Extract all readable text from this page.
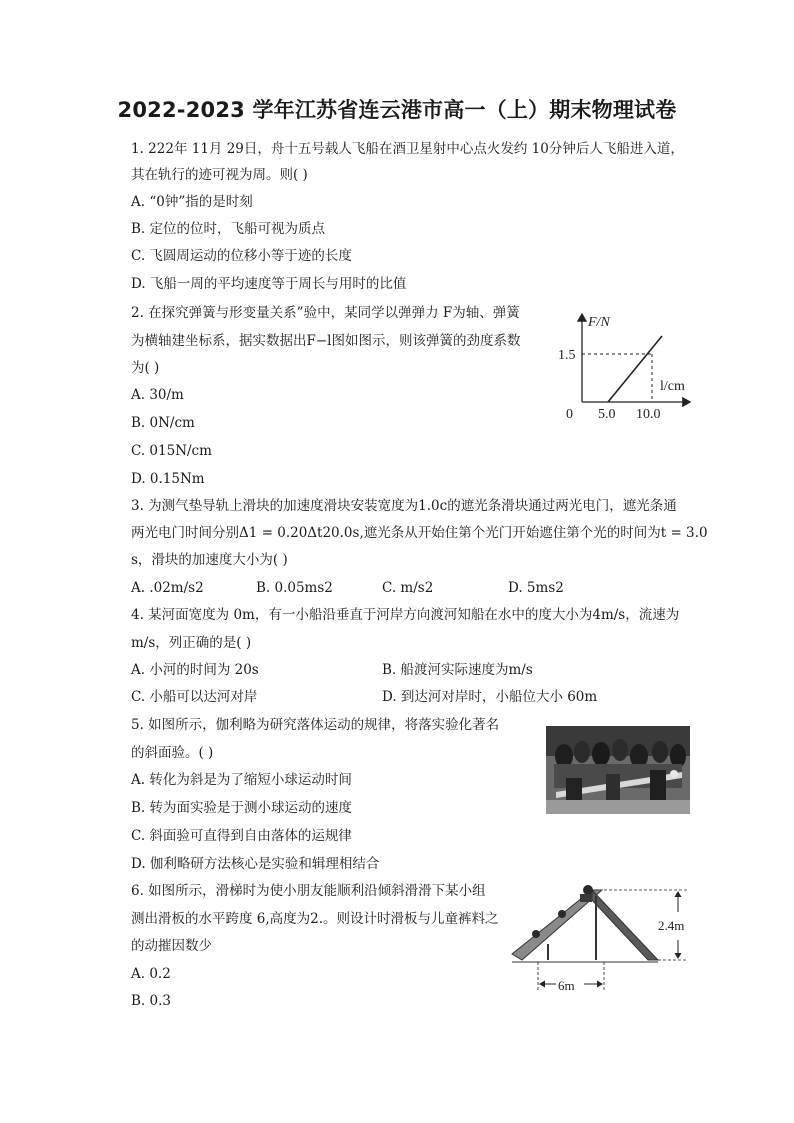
2022-2023 学年江苏省连云港市高一（上）期末物理试卷
1. 222年 11月 29日，舟十五号载人飞船在酒卫星射中心点火发约 10分钟后人飞船进入道，
其在轨行的迹可视为周。则( )
A. “0钟”指的是时刻
B. 定位的位时，飞船可视为质点
C. 飞圆周运动的位移小等于迹的长度
D. 飞船一周的平均速度等于周长与用时的比值
2. 在探究弹簧与形变量关系”验中，某同学以弹弹力 F为轴、弹簧
为横轴建坐标系，据实数据出F−l图如图示，则该弹簧的劲度系数
为( )
A. 30/m
B. 0N/cm
C. 015N/cm
D. 0.15Nm
F/N
l/cm
1.5
0 5.0 10.0
3. 为测气垫导轨上滑块的加速度滑块安装宽度为1.0c的遮光条滑块通过两光电门，遮光条通
两光电门时间分别Δ1 = 0.20Δt20.0s,遮光条从开始住第个光门开始遮住第个光的时间为t = 3.0
s，滑块的加速度大小为( )
A. .02m/s2	B. 0.05ms2	C. m/s2	D. 5ms2
4. 某河面宽度为 0m，有一小船沿垂直于河岸方向渡河知船在水中的度大小为4m/s，流速为
m/s，列正确的是( )
A. 小河的时间为 20s	B. 船渡河实际速度为m/s
C. 小船可以达河对岸	D. 到达河对岸时，小船位大小 60m
5. 如图所示，伽利略为研究落体运动的规律，将落实验化著名
的斜面验。( )
A. 转化为斜是为了缩短小球运动时间
B. 转为面实验是于测小球运动的速度
C. 斜面验可直得到自由落体的运规律
D. 伽利略研方法核心是实验和辑理相结合
6. 如图所示，滑梯时为使小朋友能顺利沿倾斜滑滑下某小组
测出滑板的水平跨度 6,高度为2.。则设计时滑板与儿童裤料之
的动摧因数少
A. 0.2
B. 0.3
2.4m
6m
